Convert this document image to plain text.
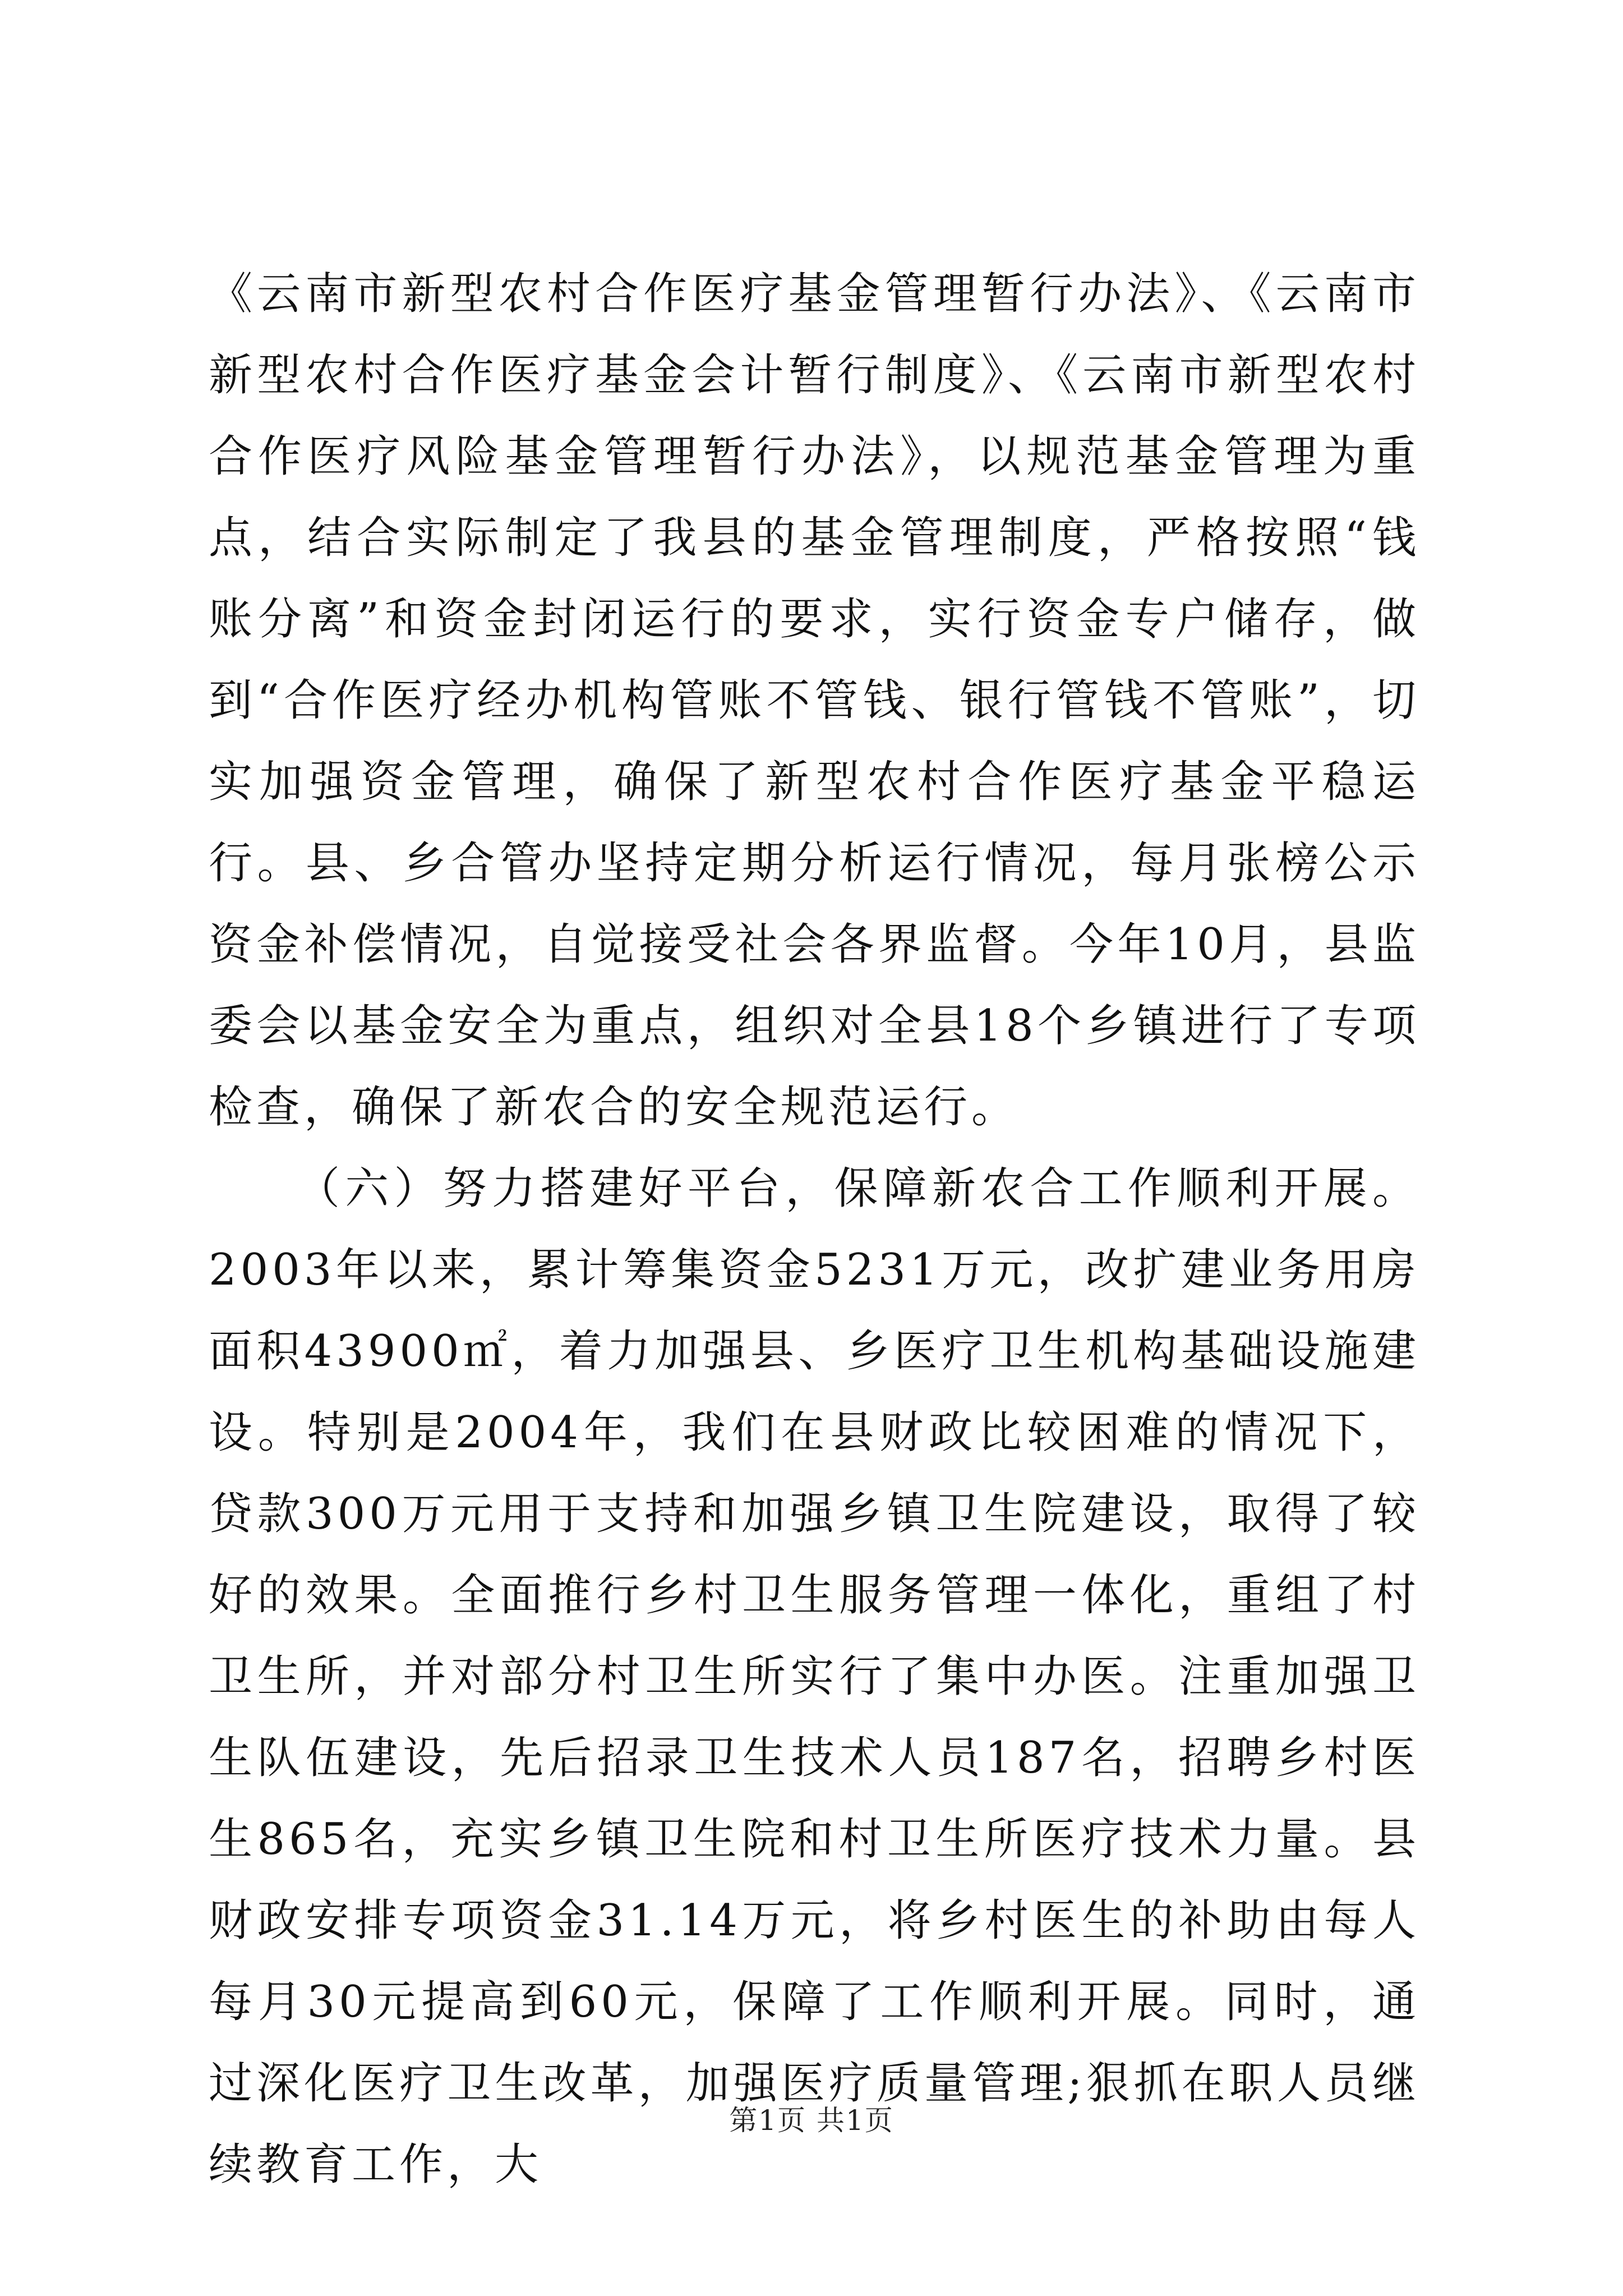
《云南市新型农村合作医疗基金管理暂行办法》、《云南市新型农村合作医疗基金会计暂行制度》、《云南市新型农村合作医疗风险基金管理暂行办法》，以规范基金管理为重点，结合实际制定了我县的基金管理制度，严格按照“钱账分离”和资金封闭运行的要求，实行资金专户储存，做到“合作医疗经办机构管账不管钱、银行管钱不管账”，切实加强资金管理，确保了新型农村合作医疗基金平稳运行。县、乡合管办坚持定期分析运行情况，每月张榜公示资金补偿情况，自觉接受社会各界监督。今年10月，县监委会以基金安全为重点，组织对全县18个乡镇进行了专项检查，确保了新农合的安全规范运行。

（六）努力搭建好平台，保障新农合工作顺利开展。2003年以来，累计筹集资金5231万元，改扩建业务用房面积43900㎡，着力加强县、乡医疗卫生机构基础设施建设。特别是2004年，我们在县财政比较困难的情况下，贷款300万元用于支持和加强乡镇卫生院建设，取得了较好的效果。全面推行乡村卫生服务管理一体化，重组了村卫生所，并对部分村卫生所实行了集中办医。注重加强卫生队伍建设，先后招录卫生技术人员187名，招聘乡村医生865名，充实乡镇卫生院和村卫生所医疗技术力量。县财政安排专项资金31.14万元，将乡村医生的补助由每人每月30元提高到60元，保障了工作顺利开展。同时，通过深化医疗卫生改革，加强医疗质量管理;狠抓在职人员继续教育工作，大

第1页 共1页
